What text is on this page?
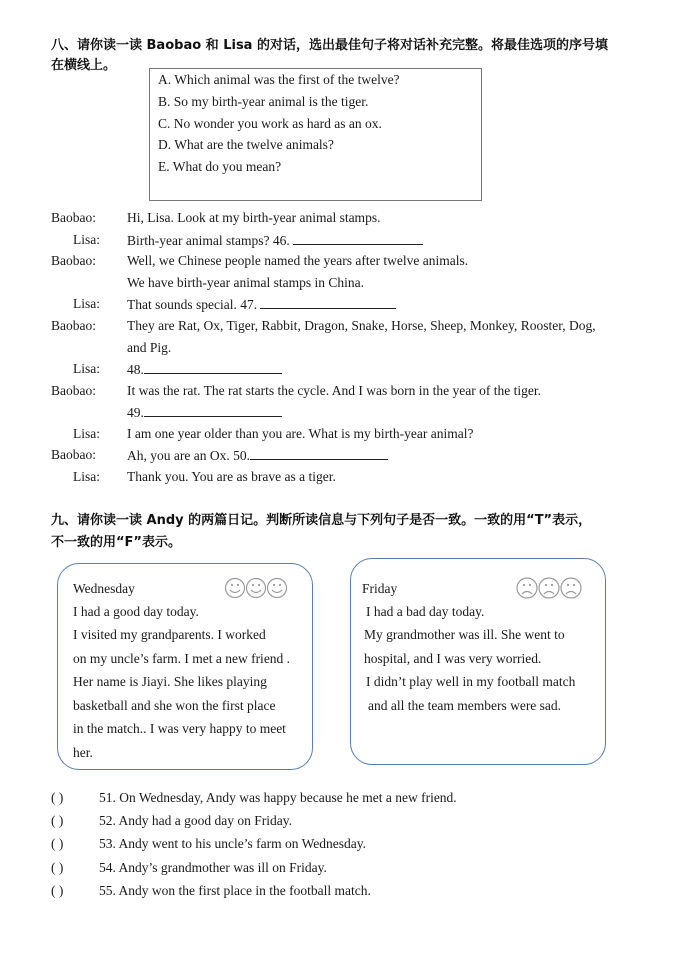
八、请你读一读 Baobao 和 Lisa 的对话，选出最佳句子将对话补充完整。将最佳选项的序号填
在横线上。
A. Which animal was the first of the twelve?
B. So my birth-year animal is the tiger.
C. No wonder you work as hard as an ox.
D. What are the twelve animals?
E. What do you mean?
Baobao: Hi, Lisa. Look at my birth-year animal stamps.
Lisa: Birth-year animal stamps? 46.
Baobao: Well, we Chinese people named the years after twelve animals.
We have birth-year animal stamps in China.
Lisa: That sounds special. 47.
Baobao: They are Rat, Ox, Tiger, Rabbit, Dragon, Snake, Horse, Sheep, Monkey, Rooster, Dog,
and Pig.
Lisa: 48.
Baobao: It was the rat. The rat starts the cycle. And I was born in the year of the tiger.
49.
Lisa: I am one year older than you are. What is my birth-year animal?
Baobao: Ah, you are an Ox. 50.
Lisa: Thank you. You are as brave as a tiger.
九、请你读一读 Andy 的两篇日记。判断所读信息与下列句子是否一致。一致的用“T”表示，
不一致的用“F”表示。
Wednesday
I had a good day today.
I visited my grandparents. I worked
on my uncle’s farm. I met a new friend .
Her name is Jiayi. She likes playing
basketball and she won the first place
in the match.. I was very happy to meet
her.
Friday
I had a bad day today.
My grandmother was ill. She went to
hospital, and I was very worried.
I didn’t play well in my football match
and all the team members were sad.
( )	51. On Wednesday, Andy was happy because he met a new friend.
( )	52. Andy had a good day on Friday.
( )	53. Andy went to his uncle’s farm on Wednesday.
( )	54. Andy’s grandmother was ill on Friday.
( )	55. Andy won the first place in the football match.
